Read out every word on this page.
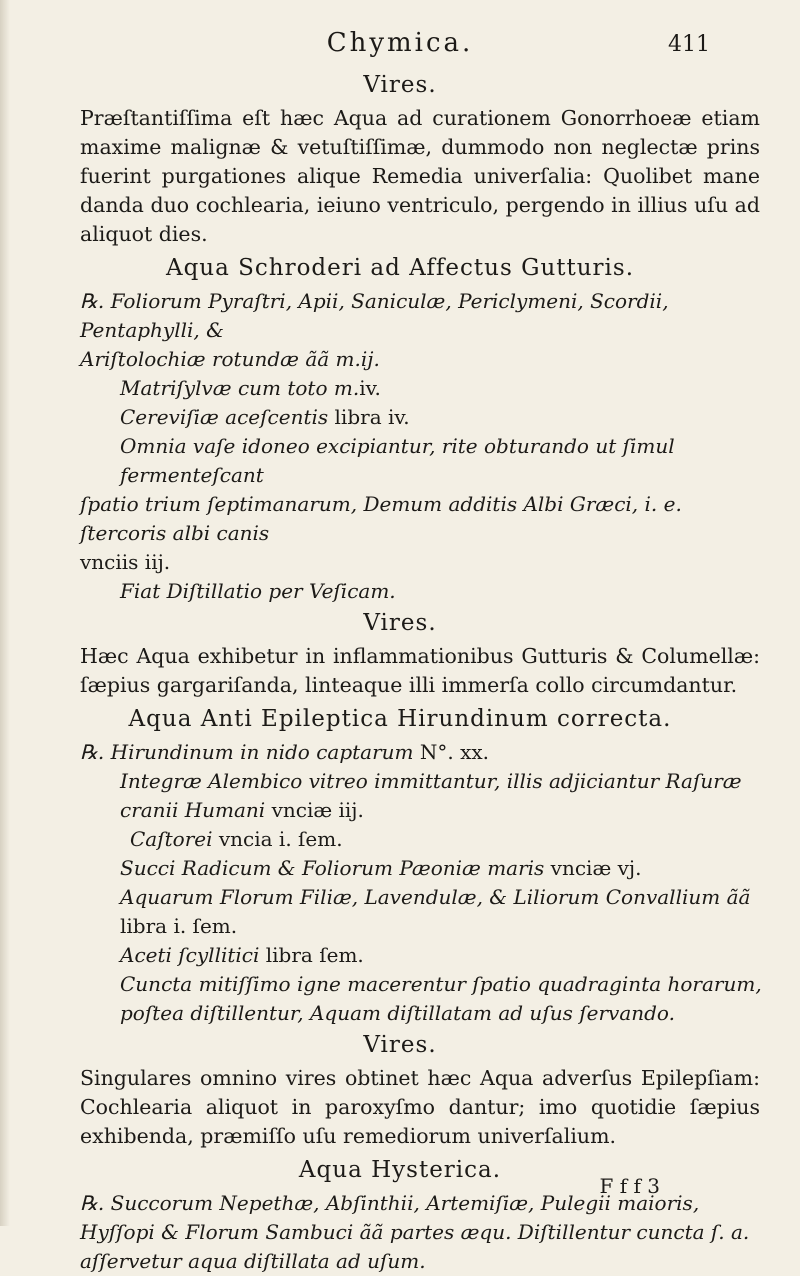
Chymica.	411
Vires.

Præſtantiſſima eſt hæc Aqua ad curationem Gonorrhoeæ etiam maxime malignæ & vetuſtiſſimæ, dummodo non neglectæ prins fuerint purgationes alique Remedia univerſalia: Quolibet mane danda duo cochlearia, ieiuno ventriculo, pergendo in illius uſu ad aliquot dies.

Aqua Schroderi ad Affectus Gutturis.
℞. Foliorum Pyraſtri, Apii, Saniculæ, Periclymeni, Scordii, Pentaphylli, &
Ariſtolochiæ rotundæ ãã m.ij.
Matriſylvæ cum toto m.iv.
Cereviſiæ aceſcentis libra iv.
Omnia vaſe idoneo excipiantur, rite obturando ut ſimul fermenteſcant
ſpatio trium ſeptimanarum, Demum additis Albi Græci, i. e. ſtercoris albi canis
vnciis iij.
Fiat Diſtillatio per Veſicam.
Vires.

Hæc Aqua exhibetur in inflammationibus Gutturis & Columellæ: ſæpius gargariſanda, linteaque illi immerſa collo circumdantur.

Aqua Anti Epileptica Hirundinum correcta.
℞. Hirundinum in nido captarum N°. xx.
Integræ Alembico vitreo immittantur, illis adjiciantur Raſuræ cranii Humani vnciæ iij.
Caſtorei vncia i. ſem.
Succi Radicum & Foliorum Pæoniæ maris vnciæ vj.
Aquarum Florum Filiæ, Lavendulæ, & Liliorum Convallium ãã libra i. ſem.
Aceti ſcyllitici libra ſem.
Cuncta mitiſſimo igne macerentur ſpatio quadraginta horarum, poſtea diſtillentur, Aquam diſtillatam ad uſus ſervando.
Vires.

Singulares omnino vires obtinet hæc Aqua adverſus Epilepſiam: Cochlearia aliquot in paroxyſmo dantur; imo quotidie ſæpius exhibenda, præmiſſo uſu remediorum univerſalium.

Aqua Hysterica.

℞. Succorum Nepethæ, Abſinthii, Artemiſiæ, Pulegii maioris, Hyſſopi & Florum Sambuci ãã partes æqu. Diſtillentur cuncta ſ. a. aſſervetur aqua diſtillata ad uſum.

F f f 3
